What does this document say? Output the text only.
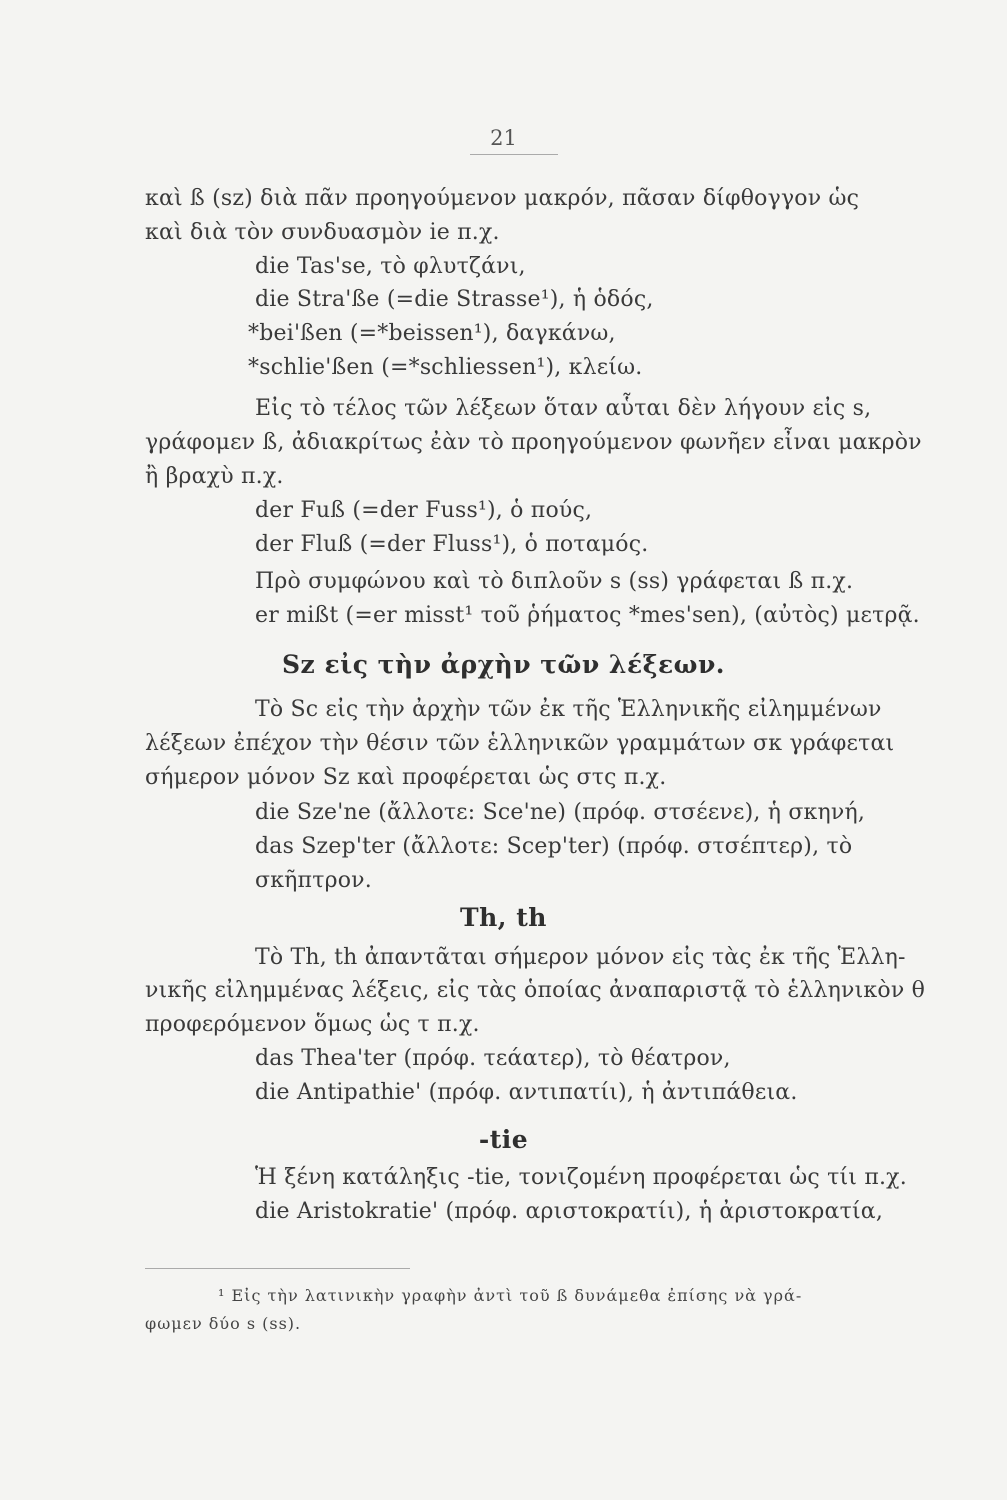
21
καὶ ß (sz) διὰ πᾶν προηγούμενον μακρόν, πᾶσαν δίφθογγον ὡς
καὶ διὰ τὸν συνδυασμὸν ie π.χ.
die Tas'se, τὸ φλυτζάνι,
die Stra'ße (=die Strasse¹), ἡ ὁδός,
*bei'ßen (=*beissen¹), δαγκάνω,
*schlie'ßen (=*schliessen¹), κλείω.
Εἰς τὸ τέλος τῶν λέξεων ὅταν αὗται δὲν λήγουν εἰς s,
γράφομεν ß, ἀδιακρίτως ἐὰν τὸ προηγούμενον φωνῆεν εἶναι μακρὸν
ἢ βραχὺ π.χ.
der Fuß (=der Fuss¹), ὁ πούς,
der Fluß (=der Fluss¹), ὁ ποταμός.
Πρὸ συμφώνου καὶ τὸ διπλοῦν s (ss) γράφεται ß π.χ.
er mißt (=er misst¹ τοῦ ῥήματος *mes'sen), (αὐτὸς) μετρᾷ.
Sz εἰς τὴν ἀρχὴν τῶν λέξεων.
Τὸ Sc εἰς τὴν ἀρχὴν τῶν ἐκ τῆς Ἑλληνικῆς εἰλημμένων
λέξεων ἐπέχον τὴν θέσιν τῶν ἑλληνικῶν γραμμάτων σκ γράφεται
σήμερον μόνον Sz καὶ προφέρεται ὡς στς π.χ.
die Sze'ne (ἄλλοτε: Sce'ne) (πρόφ. στσέενε), ἡ σκηνή,
das Szep'ter (ἄλλοτε: Scep'ter) (πρόφ. στσέπτερ), τὸ
σκῆπτρον.
Th, th
Τὸ Th, th ἀπαντᾶται σήμερον μόνον εἰς τὰς ἐκ τῆς Ἑλλη-
νικῆς εἰλημμένας λέξεις, εἰς τὰς ὁποίας ἀναπαριστᾷ τὸ ἑλληνικὸν θ
προφερόμενον ὅμως ὡς τ π.χ.
das Thea'ter (πρόφ. τεάατερ), τὸ θέατρον,
die Antipathie' (πρόφ. αντιπατίι), ἡ ἀντιπάθεια.
-tie
Ἡ ξένη κατάληξις -tie, τονιζομένη προφέρεται ὡς τίι π.χ.
die Aristokratie' (πρόφ. αριστοκρατίι), ἡ ἀριστοκρατία,
¹ Εἰς τὴν λατινικὴν γραφὴν ἀντὶ τοῦ ß δυνάμεθα ἐπίσης νὰ γρά-
φωμεν δύο s (ss).
